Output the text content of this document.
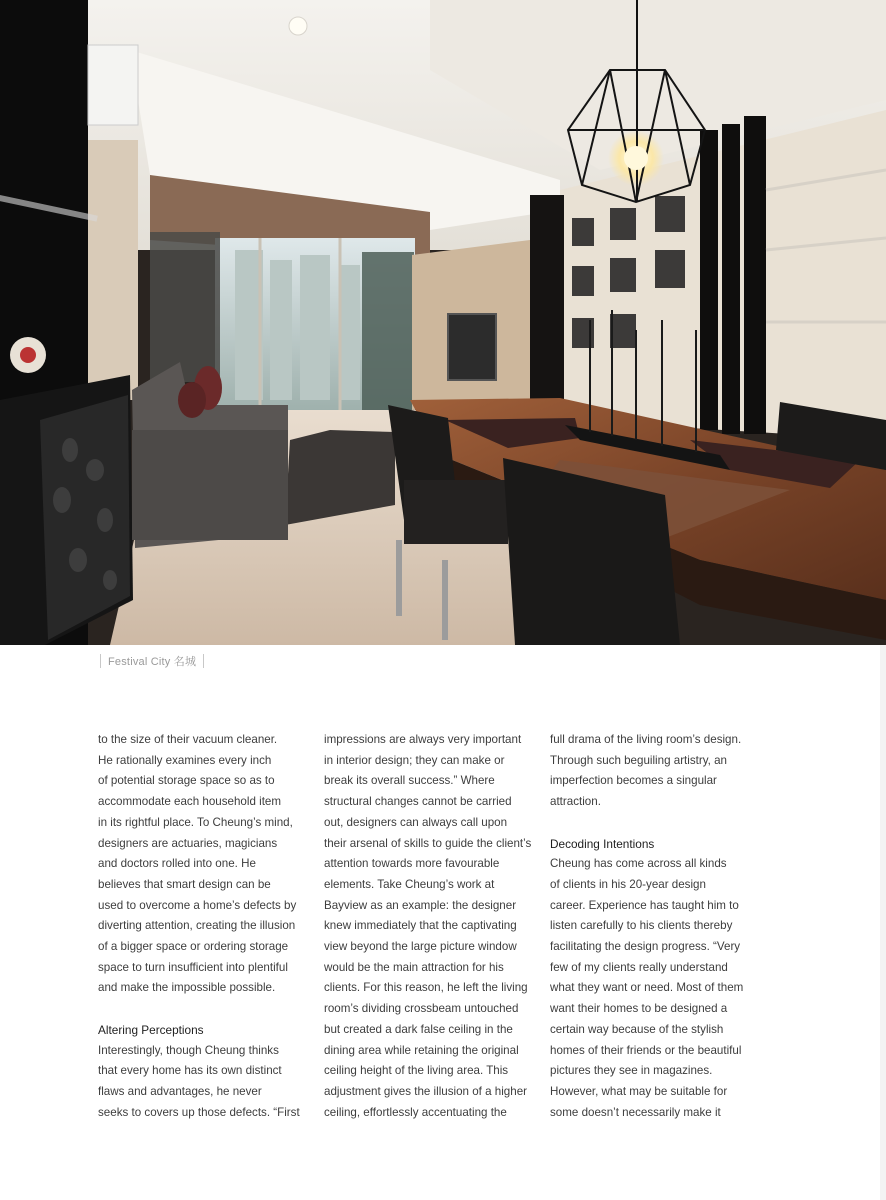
Festival City 名城

to the size of their vacuum cleaner.
He rationally examines every inch
of potential storage space so as to
accommodate each household item
in its rightful place. To Cheung’s mind,
designers are actuaries, magicians
and doctors rolled into one. He
believes that smart design can be
used to overcome a home’s defects by
diverting attention, creating the illusion
of a bigger space or ordering storage
space to turn insufficient into plentiful
and make the impossible possible.

Altering Perceptions

Interestingly, though Cheung thinks
that every home has its own distinct
flaws and advantages, he never
seeks to covers up those defects. “First

impressions are always very important
in interior design; they can make or
break its overall success.” Where
structural changes cannot be carried
out, designers can always call upon
their arsenal of skills to guide the client’s
attention towards more favourable
elements. Take Cheung’s work at
Bayview as an example: the designer
knew immediately that the captivating
view beyond the large picture window
would be the main attraction for his
clients. For this reason, he left the living
room’s dividing crossbeam untouched
but created a dark false ceiling in the
dining area while retaining the original
ceiling height of the living area. This
adjustment gives the illusion of a higher
ceiling, effortlessly accentuating the

full drama of the living room’s design.
Through such beguiling artistry, an
imperfection becomes a singular
attraction.

Decoding Intentions

Cheung has come across all kinds
of clients in his 20-year design
career. Experience has taught him to
listen carefully to his clients thereby
facilitating the design progress. “Very
few of my clients really understand
what they want or need. Most of them
want their homes to be designed a
certain way because of the stylish
homes of their friends or the beautiful
pictures they see in magazines.
However, what may be suitable for
some doesn’t necessarily make it
